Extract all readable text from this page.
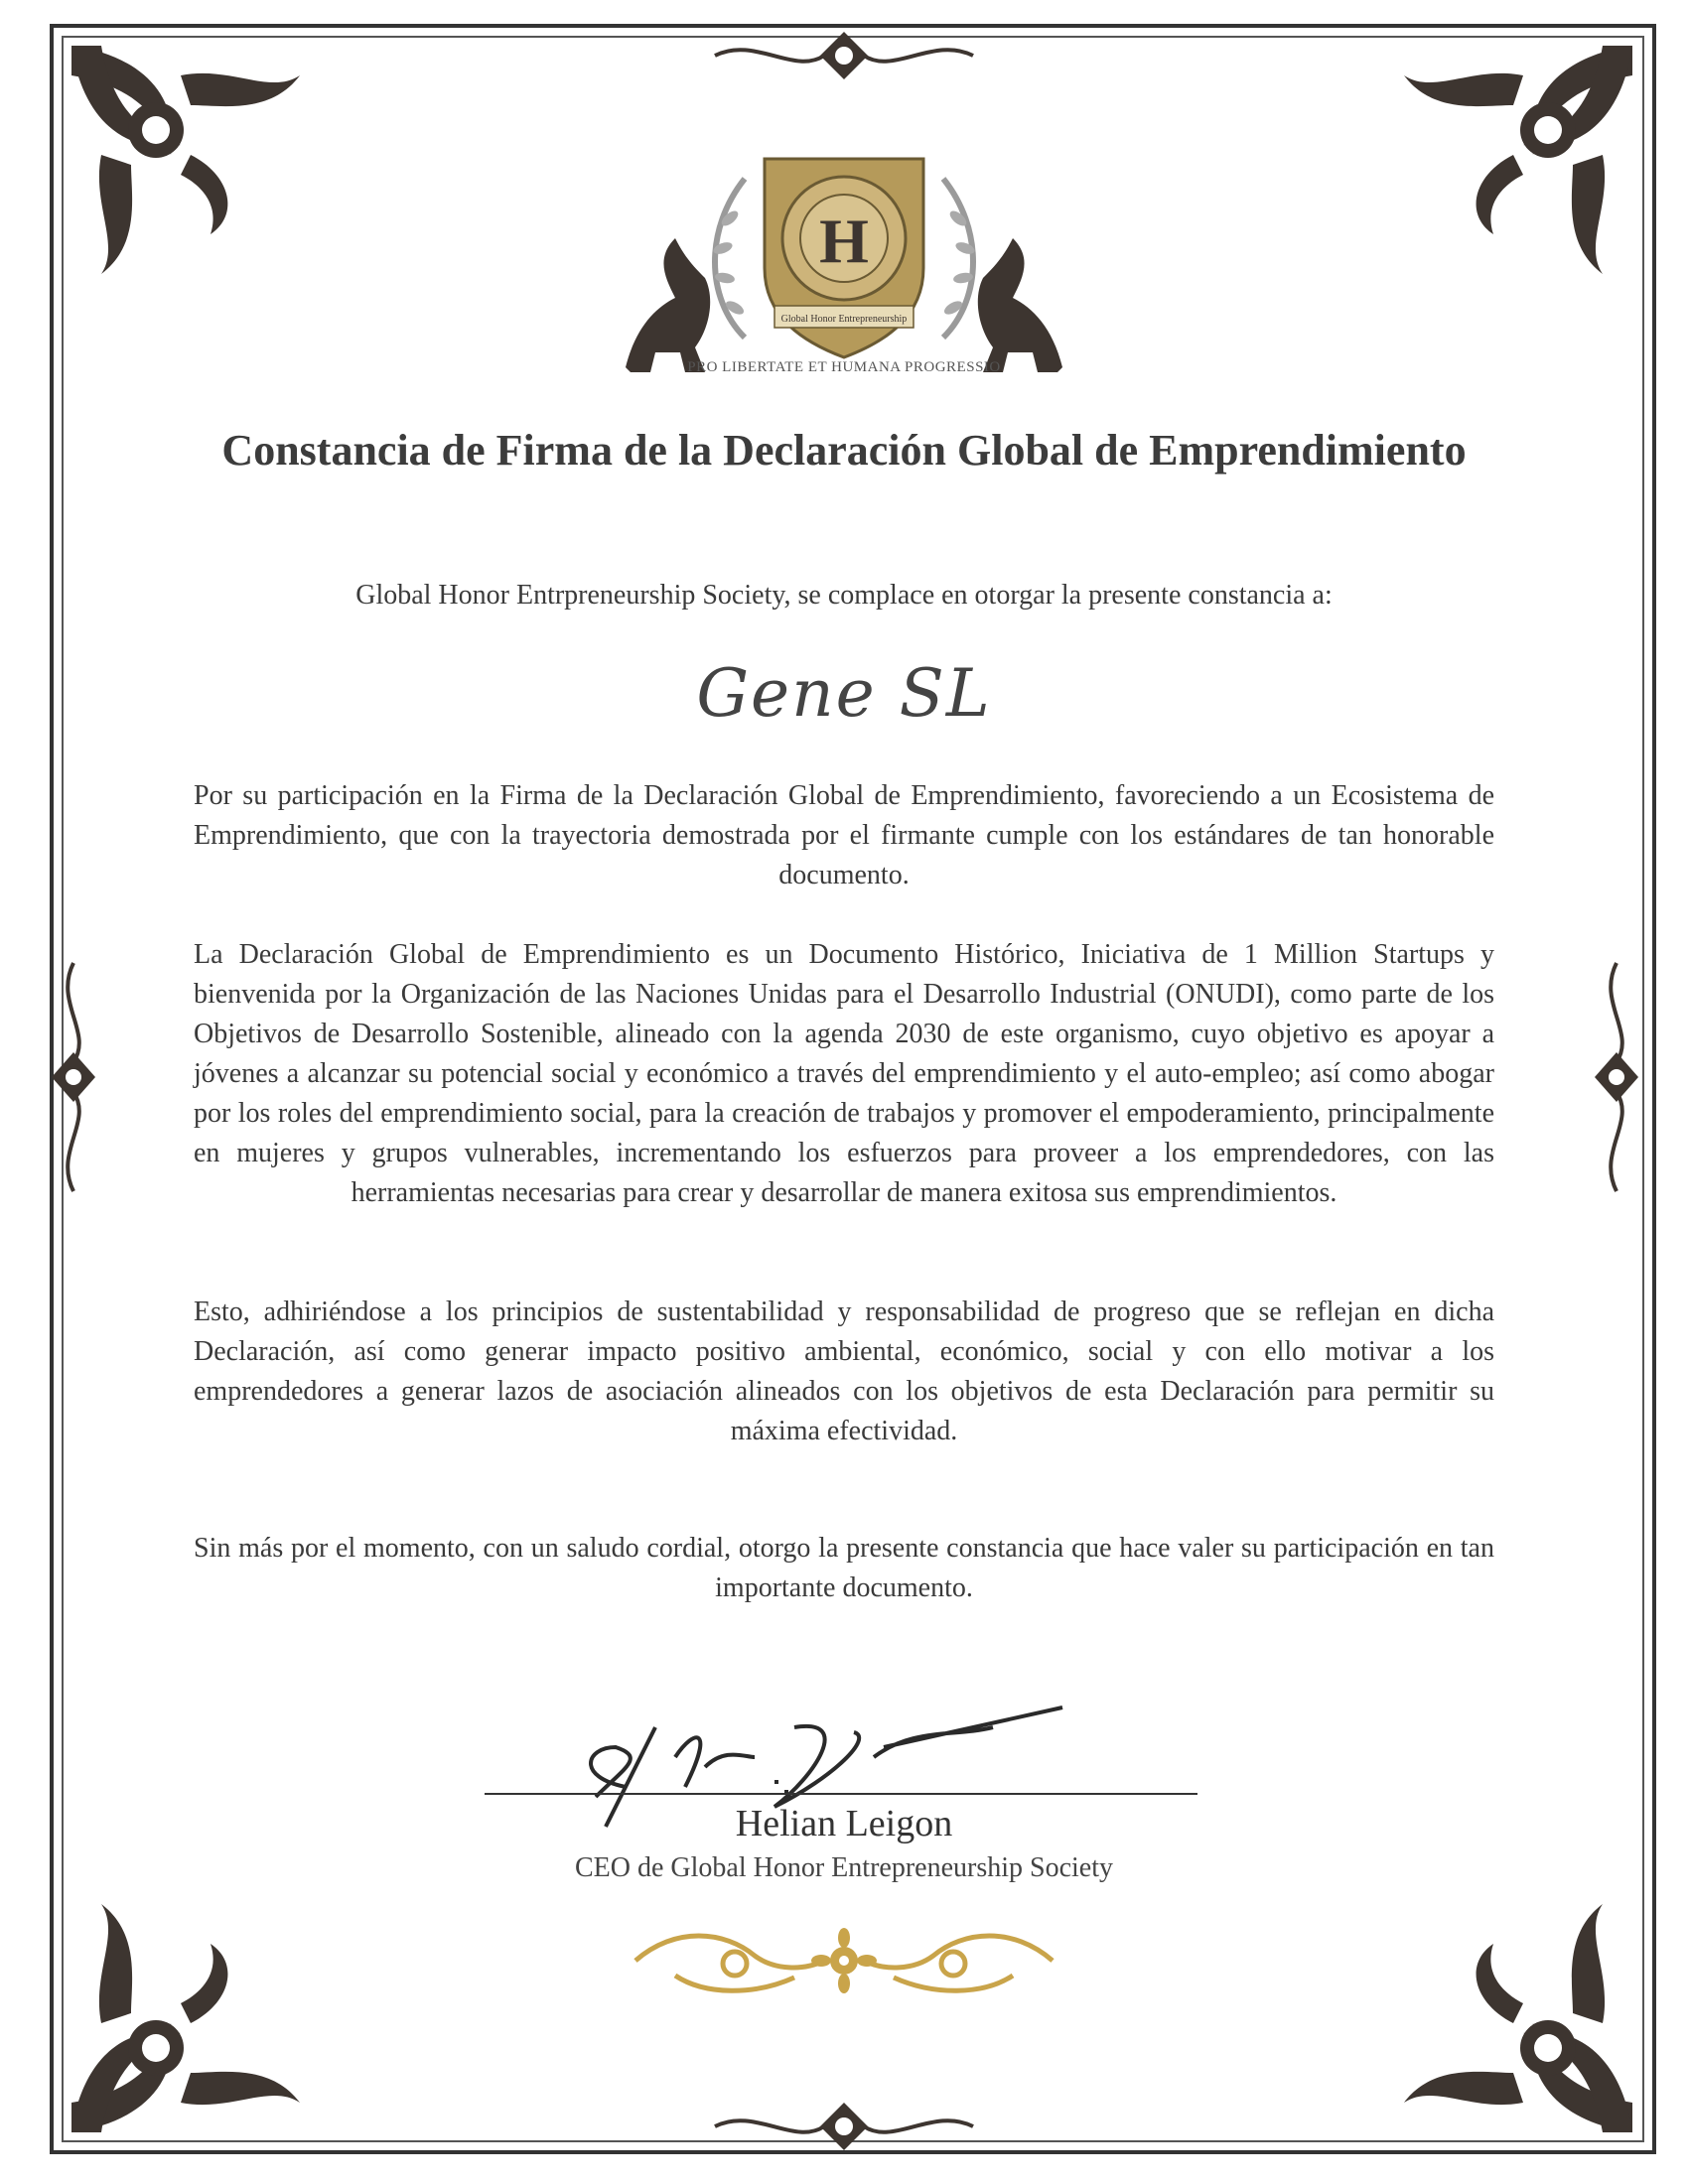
H
Global Honor Entrepreneurship
PRO LIBERTATE ET HUMANA PROGRESSIO
Constancia de Firma de la Declaración Global de Emprendimiento
Global Honor Entrpreneurship Society, se complace en otorgar la presente constancia a:
Gene SL
Por su participación en la Firma de la Declaración Global de Emprendimiento, favoreciendo a un Ecosistema de Emprendimiento, que con la trayectoria demostrada por el firmante cumple con los estándares de tan honorable documento.
La Declaración Global de Emprendimiento es un Documento Histórico, Iniciativa de 1 Million Startups y bienvenida por la Organización de las Naciones Unidas para el Desarrollo Industrial (ONUDI), como parte de los Objetivos de Desarrollo Sostenible, alineado con la agenda 2030 de este organismo, cuyo objetivo es apoyar a jóvenes a alcanzar su potencial social y económico a través del emprendimiento y el auto-empleo; así como abogar por los roles del emprendimiento social, para la creación de trabajos y promover el empoderamiento, principalmente en mujeres y grupos vulnerables, incrementando los esfuerzos para proveer a los emprendedores, con las herramientas necesarias para crear y desarrollar de manera exitosa sus emprendimientos.
Esto, adhiriéndose a los principios de sustentabilidad y responsabilidad de progreso que se reflejan en dicha Declaración, así como generar impacto positivo ambiental, económico, social y con ello motivar a los emprendedores a generar lazos de asociación alineados con los objetivos de esta Declaración para permitir su máxima efectividad.
Sin más por el momento, con un saludo cordial, otorgo la presente constancia que hace valer su participación en tan importante documento.
Helian Leigon
CEO de Global Honor Entrepreneurship Society
